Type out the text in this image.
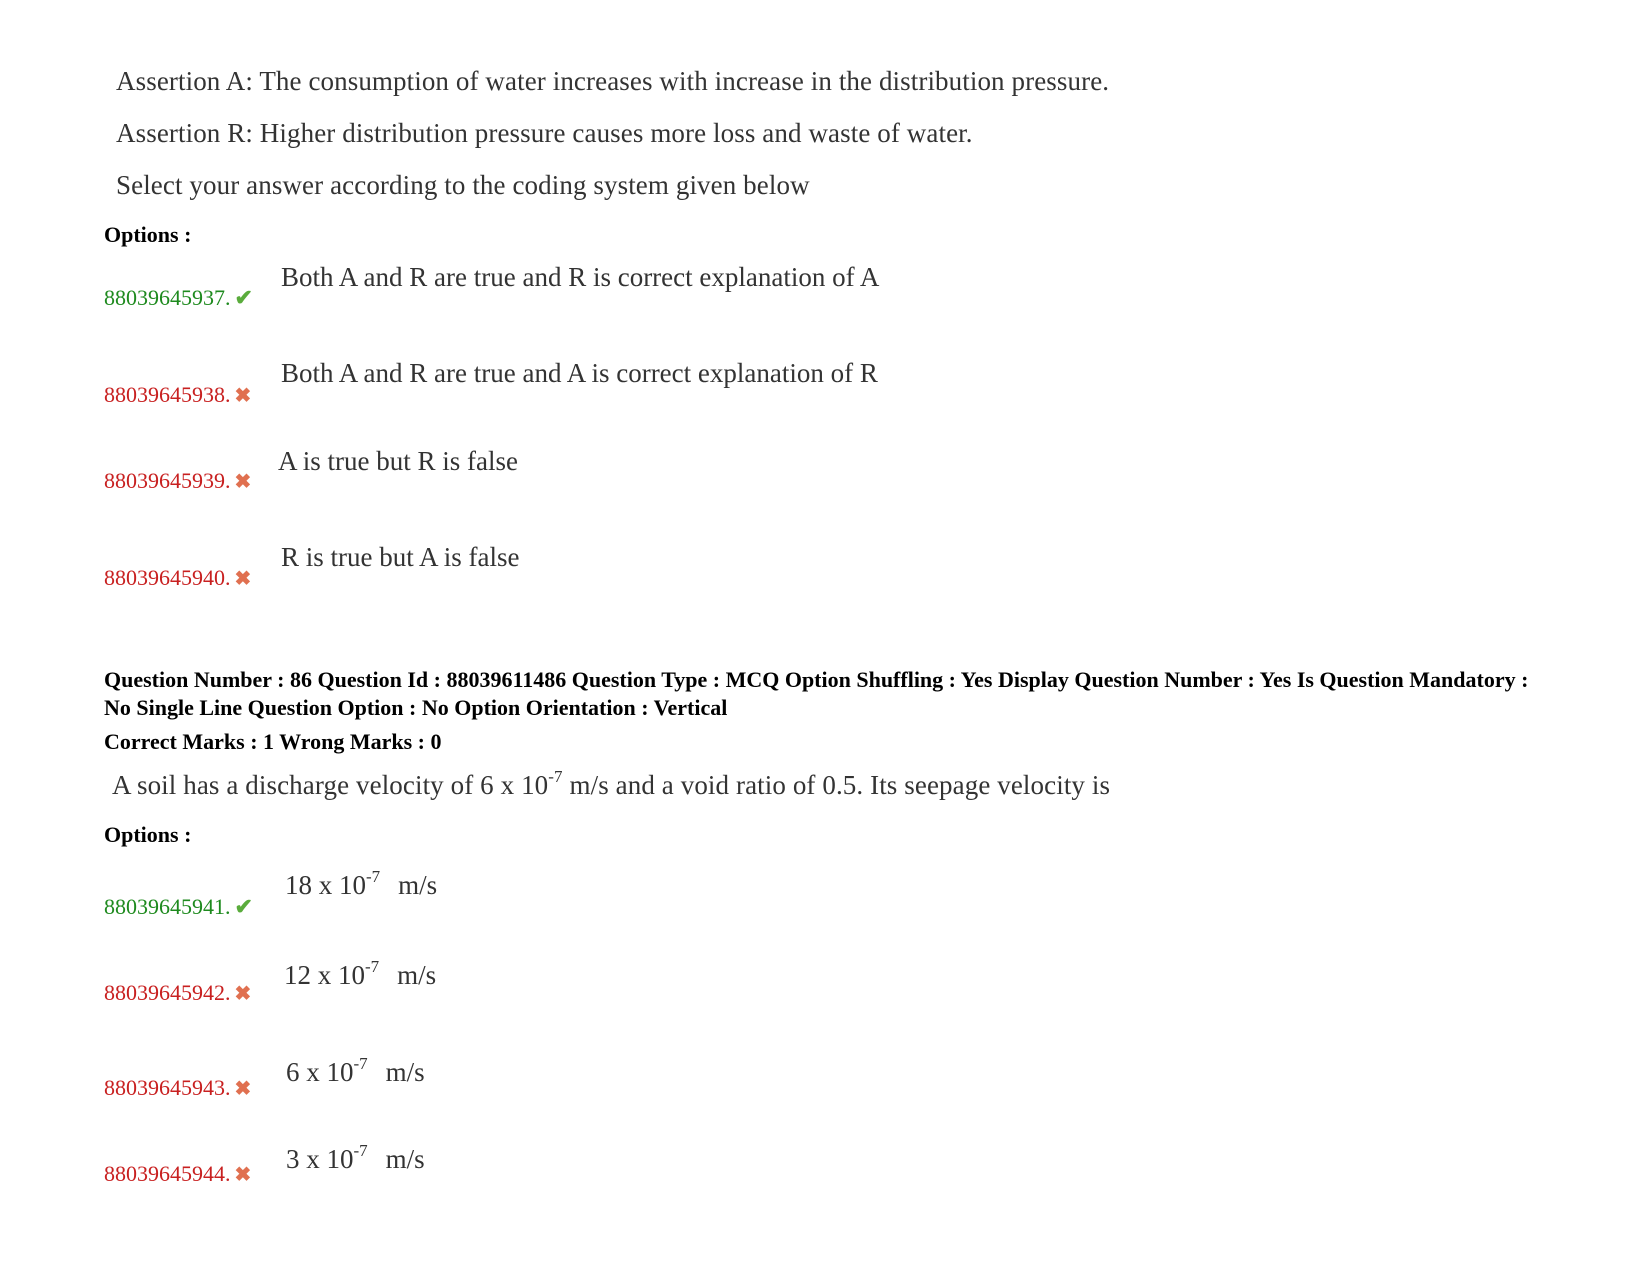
Assertion A: The consumption of water increases with increase in the distribution pressure.
Assertion R: Higher distribution pressure causes more loss and waste of water.
Select your answer according to the coding system given below
Options :
88039645937. ✔
Both A and R are true and R is correct explanation of A
88039645938. ✖
Both A and R are true and A is correct explanation of R
88039645939. ✖
A is true but R is false
88039645940. ✖
R is true but A is false
Question Number : 86 Question Id : 88039611486 Question Type : MCQ Option Shuffling : Yes Display Question Number : Yes Is Question Mandatory : No Single Line Question Option : No Option Orientation : Vertical
Correct Marks : 1 Wrong Marks : 0
A soil has a discharge velocity of 6 x $10^{-7}$ m/s and a void ratio of 0.5. Its seepage velocity is
Options :
88039645941. ✔
18 x $10^{-7}$ m/s
88039645942. ✖
12 x $10^{-7}$ m/s
88039645943. ✖
6 x $10^{-7}$ m/s
88039645944. ✖
3 x $10^{-7}$ m/s
